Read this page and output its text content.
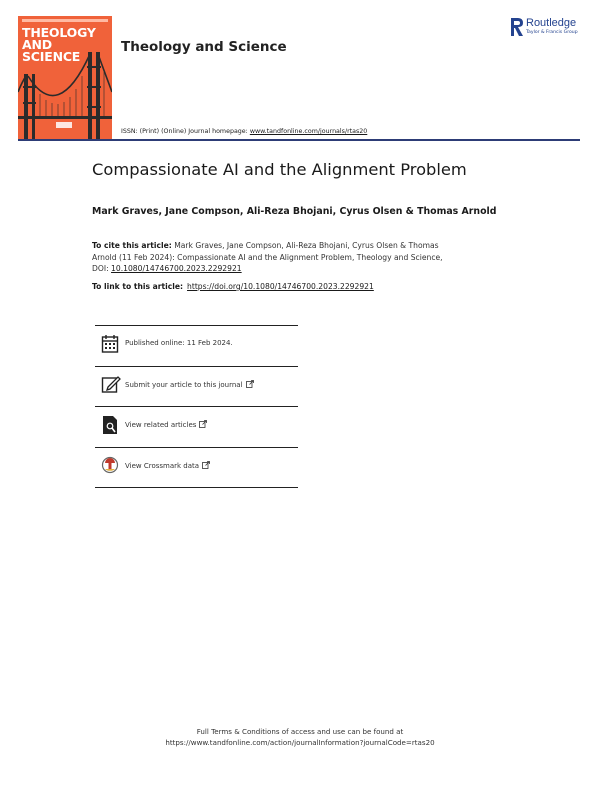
THEOLOGY
AND SCIENCE
Theology and Science
ISSN: (Print) (Online) Journal homepage: www.tandfonline.com/journals/rtas20
Routledge
Taylor & Francis Group
Compassionate AI and the Alignment Problem
Mark Graves, Jane Compson, Ali-Reza Bhojani, Cyrus Olsen & Thomas Arnold
To cite this article: Mark Graves, Jane Compson, Ali-Reza Bhojani, Cyrus Olsen & Thomas
Arnold (11 Feb 2024): Compassionate AI and the Alignment Problem, Theology and Science,
DOI: 10.1080/14746700.2023.2292921
To link to this article: https://doi.org/10.1080/14746700.2023.2292921
Published online: 11 Feb 2024.
Submit your article to this journal
View related articles
View Crossmark data
Full Terms & Conditions of access and use can be found at
https://www.tandfonline.com/action/journalInformation?journalCode=rtas20
